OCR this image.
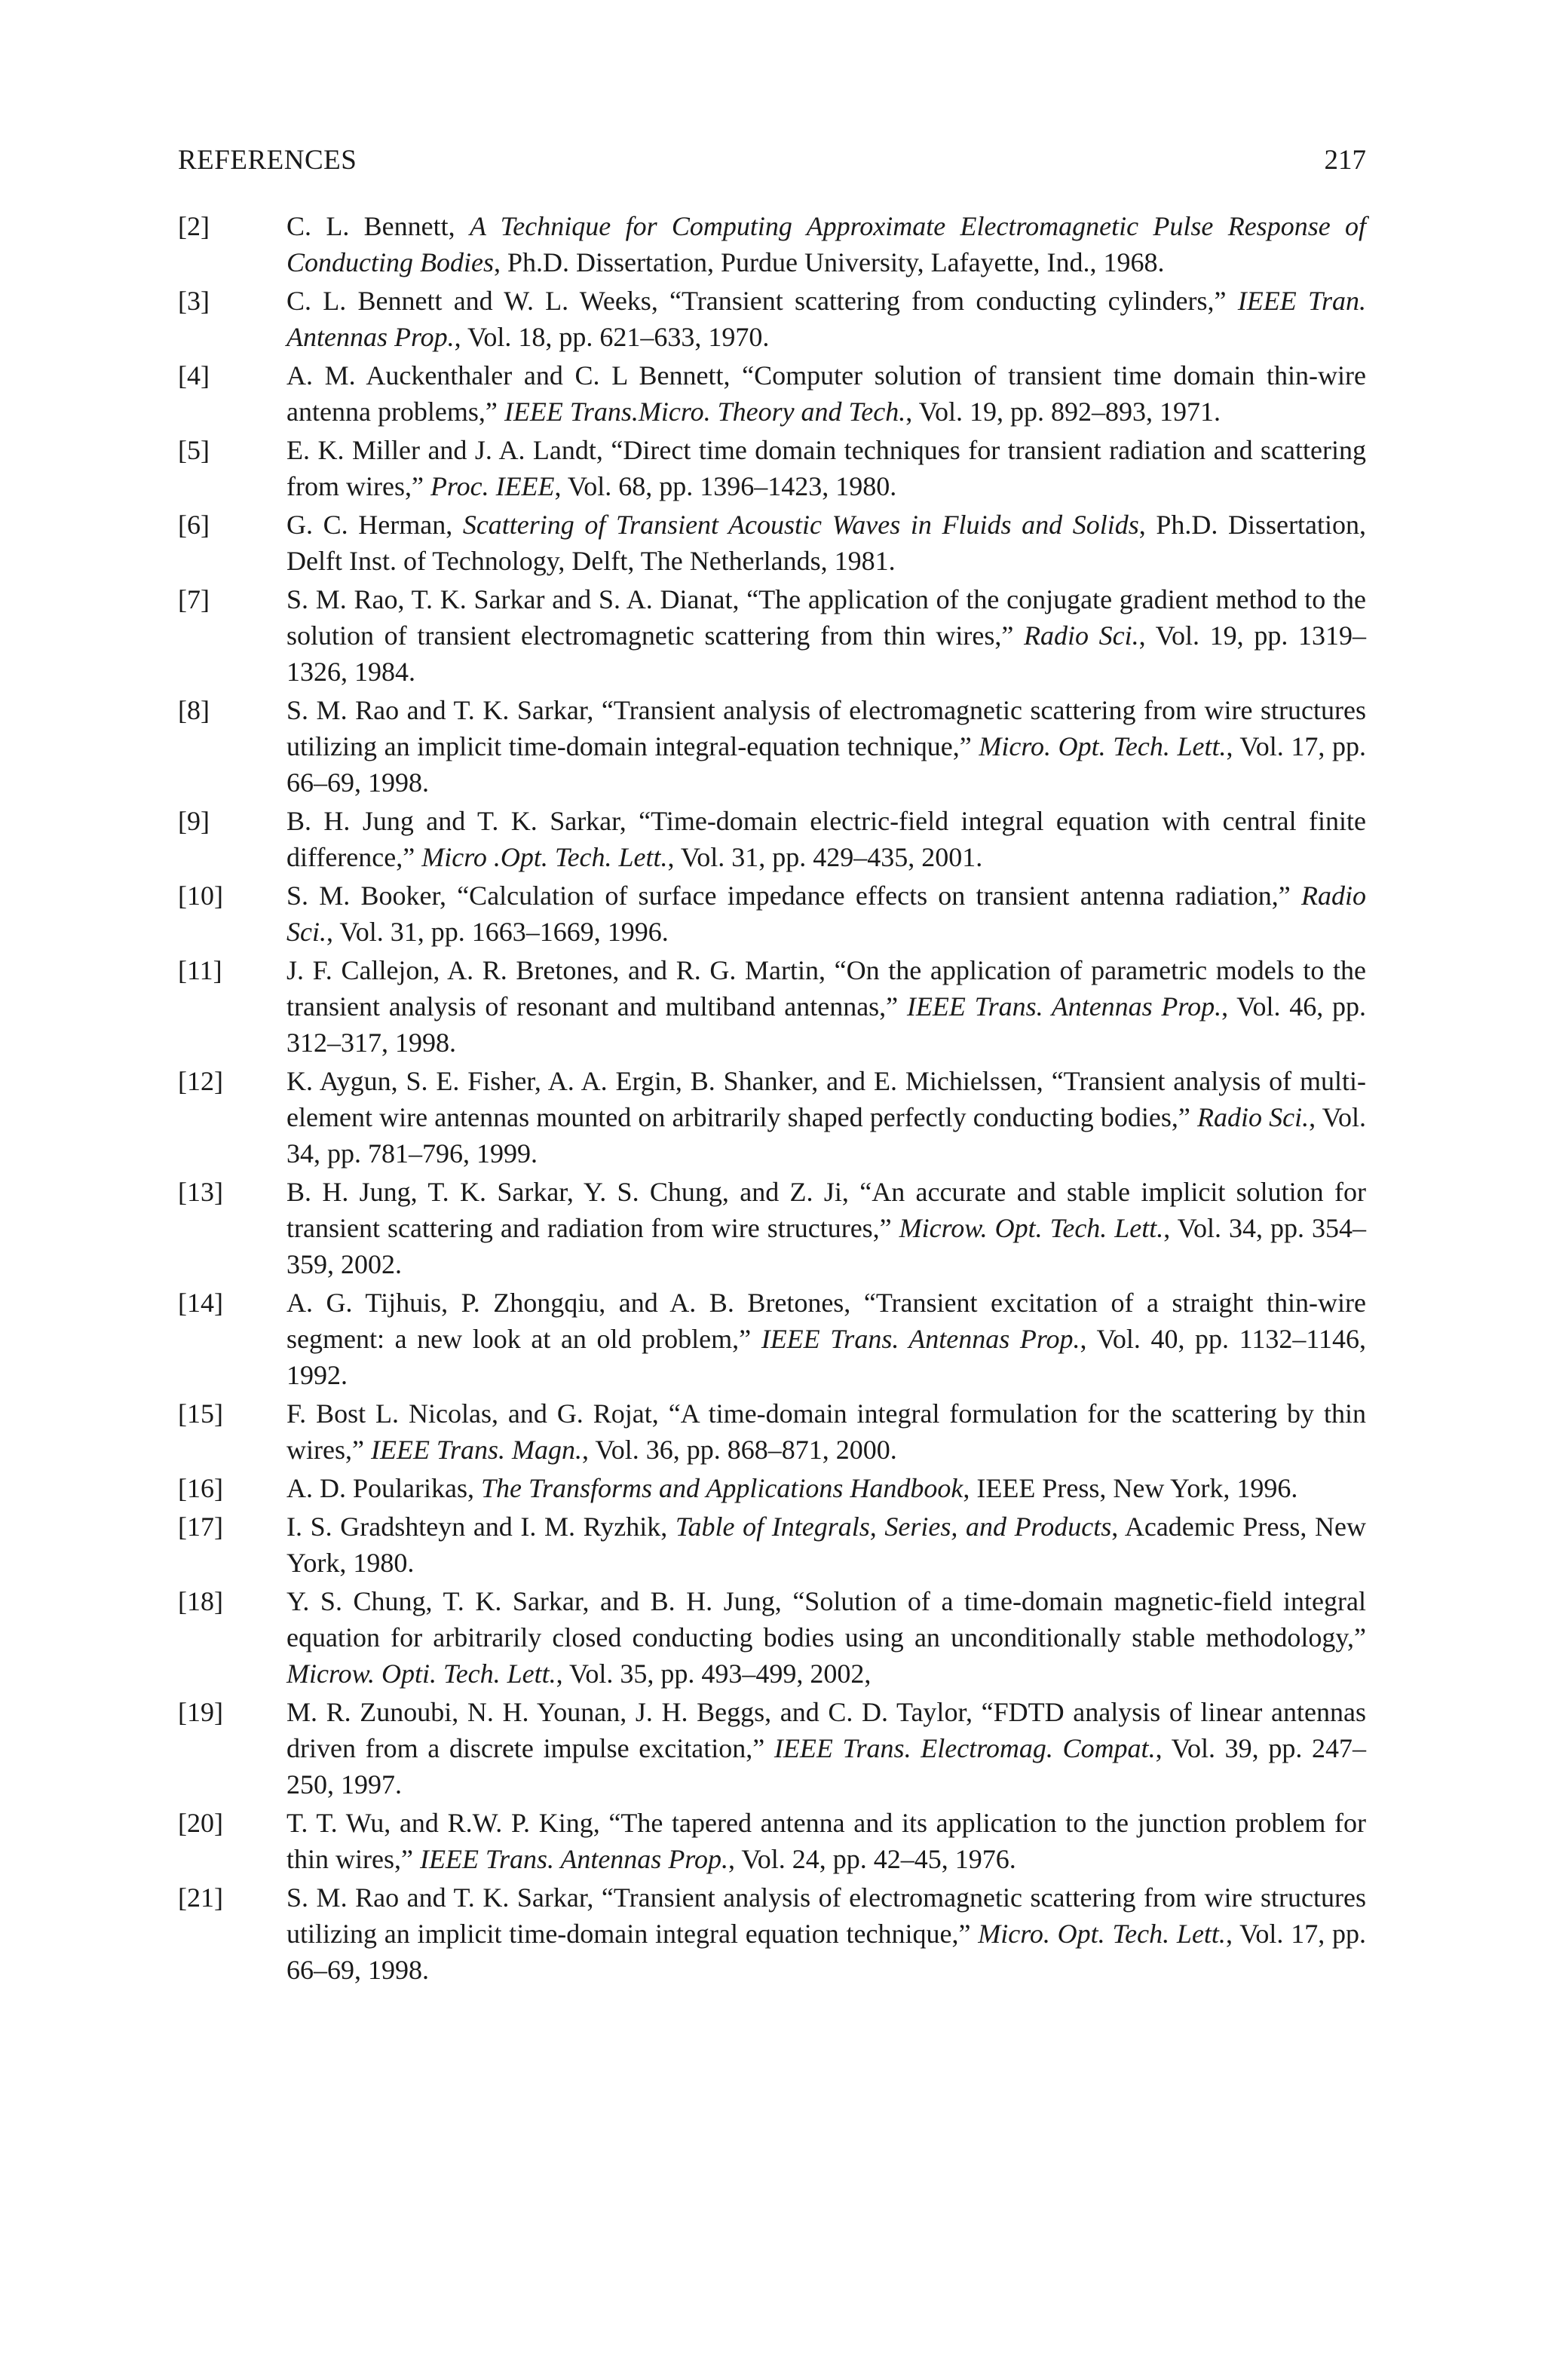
REFERENCES	217
[2]	C. L. Bennett, A Technique for Computing Approximate Electromagnetic Pulse Response of Conducting Bodies, Ph.D. Dissertation, Purdue University, Lafayette, Ind., 1968.
[3]	C. L. Bennett and W. L. Weeks, “Transient scattering from conducting cylinders,” IEEE Tran. Antennas Prop., Vol. 18, pp. 621–633, 1970.
[4]	A. M. Auckenthaler and C. L Bennett, “Computer solution of transient time domain thin-wire antenna problems,” IEEE Trans.Micro. Theory and Tech., Vol. 19, pp. 892–893, 1971.
[5]	E. K. Miller and J. A. Landt, “Direct time domain techniques for transient radiation and scattering from wires,” Proc. IEEE, Vol. 68, pp. 1396–1423, 1980.
[6]	G. C. Herman, Scattering of Transient Acoustic Waves in Fluids and Solids, Ph.D. Dissertation, Delft Inst. of Technology, Delft, The Netherlands, 1981.
[7]	S. M. Rao, T. K. Sarkar and S. A. Dianat, “The application of the conjugate gradient method to the solution of transient electromagnetic scattering from thin wires,” Radio Sci., Vol. 19, pp. 1319–1326, 1984.
[8]	S. M. Rao and T. K. Sarkar, “Transient analysis of electromagnetic scattering from wire structures utilizing an implicit time-domain integral-equation technique,” Micro. Opt. Tech. Lett., Vol. 17, pp. 66–69, 1998.
[9]	B. H. Jung and T. K. Sarkar, “Time-domain electric-field integral equation with central finite difference,” Micro .Opt. Tech. Lett., Vol. 31, pp. 429–435, 2001.
[10]	S. M. Booker, “Calculation of surface impedance effects on transient antenna radiation,” Radio Sci., Vol. 31, pp. 1663–1669, 1996.
[11]	J. F. Callejon, A. R. Bretones, and R. G. Martin, “On the application of parametric models to the transient analysis of resonant and multiband antennas,” IEEE Trans. Antennas Prop., Vol. 46, pp. 312–317, 1998.
[12]	K. Aygun, S. E. Fisher, A. A. Ergin, B. Shanker, and E. Michielssen, “Transient analysis of multi-element wire antennas mounted on arbitrarily shaped perfectly conducting bodies,” Radio Sci., Vol. 34, pp. 781–796, 1999.
[13]	B. H. Jung, T. K. Sarkar, Y. S. Chung, and Z. Ji, “An accurate and stable implicit solution for transient scattering and radiation from wire structures,” Microw. Opt. Tech. Lett., Vol. 34, pp. 354–359, 2002.
[14]	A. G. Tijhuis, P. Zhongqiu, and A. B. Bretones, “Transient excitation of a straight thin-wire segment: a new look at an old problem,” IEEE Trans. Antennas Prop., Vol. 40, pp. 1132–1146, 1992.
[15]	F. Bost L. Nicolas, and G. Rojat, “A time-domain integral formulation for the scattering by thin wires,” IEEE Trans. Magn., Vol. 36, pp. 868–871, 2000.
[16]	A. D. Poularikas, The Transforms and Applications Handbook, IEEE Press, New York, 1996.
[17]	I. S. Gradshteyn and I. M. Ryzhik, Table of Integrals, Series, and Products, Academic Press, New York, 1980.
[18]	Y. S. Chung, T. K. Sarkar, and B. H. Jung, “Solution of a time-domain magnetic-field integral equation for arbitrarily closed conducting bodies using an unconditionally stable methodology,” Microw. Opti. Tech. Lett., Vol. 35, pp. 493–499, 2002,
[19]	M. R. Zunoubi, N. H. Younan, J. H. Beggs, and C. D. Taylor, “FDTD analysis of linear antennas driven from a discrete impulse excitation,” IEEE Trans. Electromag. Compat., Vol. 39, pp. 247–250, 1997.
[20]	T. T. Wu, and R.W. P. King, “The tapered antenna and its application to the junction problem for thin wires,” IEEE Trans. Antennas Prop., Vol. 24, pp. 42–45, 1976.
[21]	S. M. Rao and T. K. Sarkar, “Transient analysis of electromagnetic scattering from wire structures utilizing an implicit time-domain integral equation technique,” Micro. Opt. Tech. Lett., Vol. 17, pp. 66–69, 1998.
